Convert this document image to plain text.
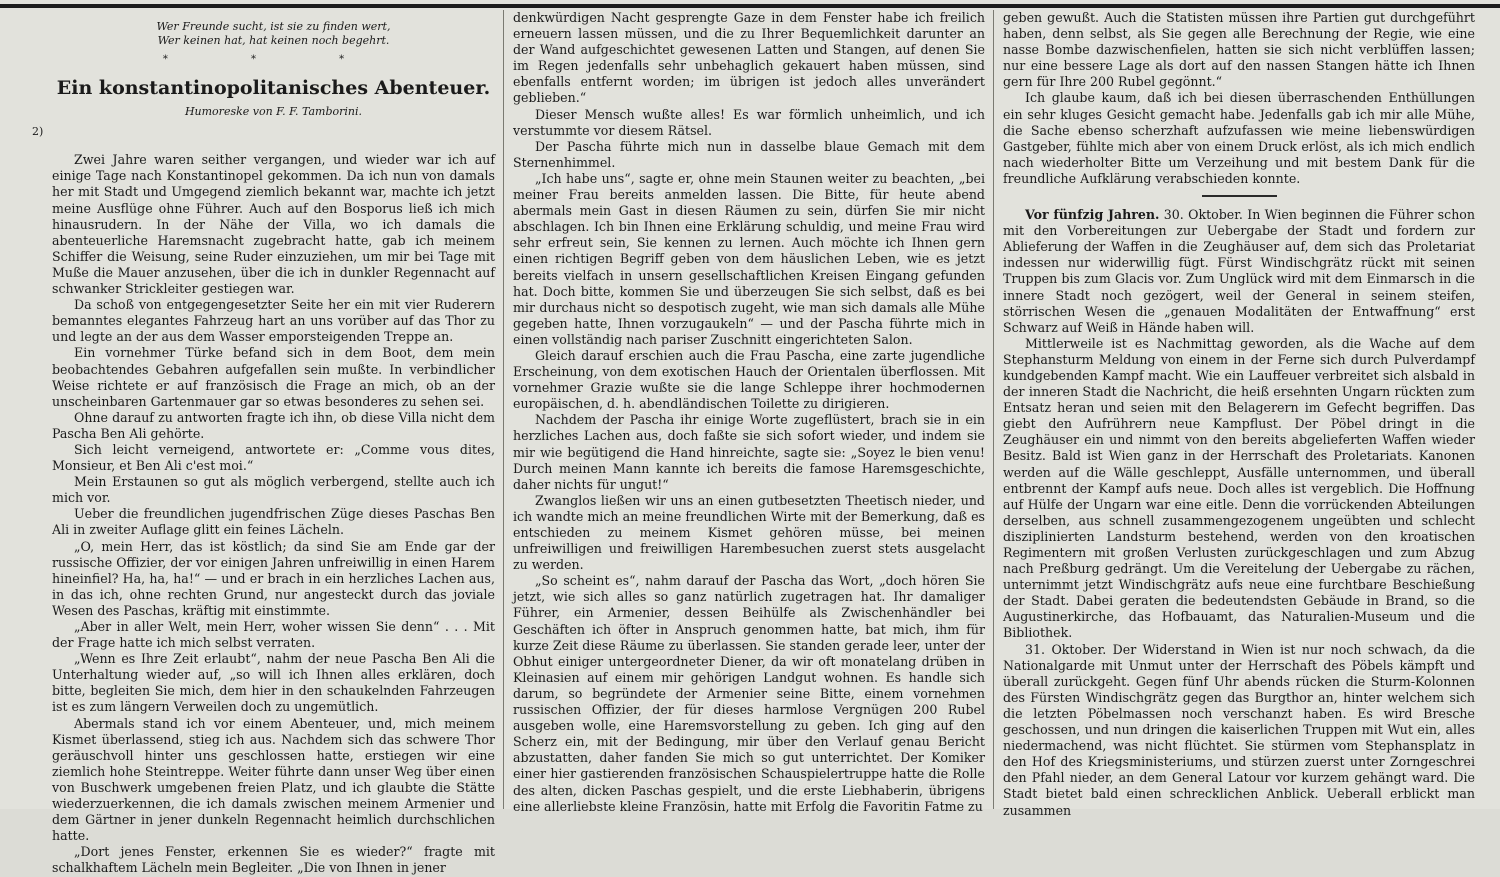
Wer Freunde sucht, ist sie zu finden wert,
Wer keinen hat, hat keinen noch begehrt.
* * *
Ein konstantinopolitanisches Abenteuer.
Humoreske von F. F. Tamborini.
2)

Zwei Jahre waren seither vergangen, und wieder war ich auf einige Tage nach Konstantinopel gekommen. Da ich nun von damals her mit Stadt und Umgegend ziemlich bekannt war, machte ich jetzt meine Ausflüge ohne Führer. Auch auf den Bosporus ließ ich mich hinausrudern. In der Nähe der Villa, wo ich damals die abenteuerliche Haremsnacht zugebracht hatte, gab ich meinem Schiffer die Weisung, seine Ruder einzuziehen, um mir bei Tage mit Muße die Mauer anzusehen, über die ich in dunkler Regennacht auf schwanker Strickleiter gestiegen war.

Da schoß von entgegengesetzter Seite her ein mit vier Ruderern bemanntes elegantes Fahrzeug hart an uns vorüber auf das Thor zu und legte an der aus dem Wasser emporsteigenden Treppe an.

Ein vornehmer Türke befand sich in dem Boot, dem mein beobachtendes Gebahren aufgefallen sein mußte. In verbindlicher Weise richtete er auf französisch die Frage an mich, ob an der unscheinbaren Gartenmauer gar so etwas besonderes zu sehen sei.

Ohne darauf zu antworten fragte ich ihn, ob diese Villa nicht dem Pascha Ben Ali gehörte.

Sich leicht verneigend, antwortete er: „Comme vous dites, Monsieur, et Ben Ali c'est moi.“

Mein Erstaunen so gut als möglich verbergend, stellte auch ich mich vor.

Ueber die freundlichen jugendfrischen Züge dieses Paschas Ben Ali in zweiter Auflage glitt ein feines Lächeln.

„O, mein Herr, das ist köstlich; da sind Sie am Ende gar der russische Offizier, der vor einigen Jahren unfreiwillig in einen Harem hineinfiel? Ha, ha, ha!“ — und er brach in ein herzliches Lachen aus, in das ich, ohne rechten Grund, nur angesteckt durch das joviale Wesen des Paschas, kräftig mit einstimmte.

„Aber in aller Welt, mein Herr, woher wissen Sie denn“ . . . Mit der Frage hatte ich mich selbst verraten.

„Wenn es Ihre Zeit erlaubt“, nahm der neue Pascha Ben Ali die Unterhaltung wieder auf, „so will ich Ihnen alles erklären, doch bitte, begleiten Sie mich, dem hier in den schaukelnden Fahrzeugen ist es zum längern Verweilen doch zu ungemütlich.

Abermals stand ich vor einem Abenteuer, und, mich meinem Kismet überlassend, stieg ich aus. Nachdem sich das schwere Thor geräuschvoll hinter uns geschlossen hatte, erstiegen wir eine ziemlich hohe Steintreppe. Weiter führte dann unser Weg über einen von Buschwerk umgebenen freien Platz, und ich glaubte die Stätte wiederzuerkennen, die ich damals zwischen meinem Armenier und dem Gärtner in jener dunkeln Regennacht heimlich durchschlichen hatte.

„Dort jenes Fenster, erkennen Sie es wieder?“ fragte mit schalkhaftem Lächeln mein Begleiter. „Die von Ihnen in jener

denkwürdigen Nacht gesprengte Gaze in dem Fenster habe ich freilich erneuern lassen müssen, und die zu Ihrer Bequemlichkeit darunter an der Wand aufgeschichtet gewesenen Latten und Stangen, auf denen Sie im Regen jedenfalls sehr unbehaglich gekauert haben müssen, sind ebenfalls entfernt worden; im übrigen ist jedoch alles unverändert geblieben.“

Dieser Mensch wußte alles! Es war förmlich unheimlich, und ich verstummte vor diesem Rätsel.

Der Pascha führte mich nun in dasselbe blaue Gemach mit dem Sternenhimmel.

„Ich habe uns“, sagte er, ohne mein Staunen weiter zu beachten, „bei meiner Frau bereits anmelden lassen. Die Bitte, für heute abend abermals mein Gast in diesen Räumen zu sein, dürfen Sie mir nicht abschlagen. Ich bin Ihnen eine Erklärung schuldig, und meine Frau wird sehr erfreut sein, Sie kennen zu lernen. Auch möchte ich Ihnen gern einen richtigen Begriff geben von dem häuslichen Leben, wie es jetzt bereits vielfach in unsern gesellschaftlichen Kreisen Eingang gefunden hat. Doch bitte, kommen Sie und überzeugen Sie sich selbst, daß es bei mir durchaus nicht so despotisch zugeht, wie man sich damals alle Mühe gegeben hatte, Ihnen vorzugaukeln“ — und der Pascha führte mich in einen vollständig nach pariser Zuschnitt eingerichteten Salon.

Gleich darauf erschien auch die Frau Pascha, eine zarte jugendliche Erscheinung, von dem exotischen Hauch der Orientalen überflossen. Mit vornehmer Grazie wußte sie die lange Schleppe ihrer hochmodernen europäischen, d. h. abendländischen Toilette zu dirigieren.

Nachdem der Pascha ihr einige Worte zugeflüstert, brach sie in ein herzliches Lachen aus, doch faßte sie sich sofort wieder, und indem sie mir wie begütigend die Hand hinreichte, sagte sie: „Soyez le bien venu! Durch meinen Mann kannte ich bereits die famose Haremsgeschichte, daher nichts für ungut!“

Zwanglos ließen wir uns an einen gutbesetzten Theetisch nieder, und ich wandte mich an meine freundlichen Wirte mit der Bemerkung, daß es entschieden zu meinem Kismet gehören müsse, bei meinen unfreiwilligen und freiwilligen Harembesuchen zuerst stets ausgelacht zu werden.

„So scheint es“, nahm darauf der Pascha das Wort, „doch hören Sie jetzt, wie sich alles so ganz natürlich zugetragen hat. Ihr damaliger Führer, ein Armenier, dessen Beihülfe als Zwischenhändler bei Geschäften ich öfter in Anspruch genommen hatte, bat mich, ihm für kurze Zeit diese Räume zu überlassen. Sie standen gerade leer, unter der Obhut einiger untergeordneter Diener, da wir oft monatelang drüben in Kleinasien auf einem mir gehörigen Landgut wohnen. Es handle sich darum, so begründete der Armenier seine Bitte, einem vornehmen russischen Offizier, der für dieses harmlose Vergnügen 200 Rubel ausgeben wolle, eine Haremsvorstellung zu geben. Ich ging auf den Scherz ein, mit der Bedingung, mir über den Verlauf genau Bericht abzustatten, daher fanden Sie mich so gut unterrichtet. Der Komiker einer hier gastierenden französischen Schauspielertruppe hatte die Rolle des alten, dicken Paschas gespielt, und die erste Liebhaberin, übrigens eine allerliebste kleine Französin, hatte mit Erfolg die Favoritin Fatme zu

geben gewußt. Auch die Statisten müssen ihre Partien gut durchgeführt haben, denn selbst, als Sie gegen alle Berechnung der Regie, wie eine nasse Bombe dazwischenfielen, hatten sie sich nicht verblüffen lassen; nur eine bessere Lage als dort auf den nassen Stangen hätte ich Ihnen gern für Ihre 200 Rubel gegönnt.“

Ich glaube kaum, daß ich bei diesen überraschenden Enthüllungen ein sehr kluges Gesicht gemacht habe. Jedenfalls gab ich mir alle Mühe, die Sache ebenso scherzhaft aufzufassen wie meine liebenswürdigen Gastgeber, fühlte mich aber von einem Druck erlöst, als ich mich endlich nach wiederholter Bitte um Verzeihung und mit bestem Dank für die freundliche Aufklärung verabschieden konnte.

Vor fünfzig Jahren. 30. Oktober. In Wien beginnen die Führer schon mit den Vorbereitungen zur Uebergabe der Stadt und fordern zur Ablieferung der Waffen in die Zeughäuser auf, dem sich das Proletariat indessen nur widerwillig fügt. Fürst Windischgrätz rückt mit seinen Truppen bis zum Glacis vor. Zum Unglück wird mit dem Einmarsch in die innere Stadt noch gezögert, weil der General in seinem steifen, störrischen Wesen die „genauen Modalitäten der Entwaffnung“ erst Schwarz auf Weiß in Hände haben will.

Mittlerweile ist es Nachmittag geworden, als die Wache auf dem Stephansturm Meldung von einem in der Ferne sich durch Pulverdampf kundgebenden Kampf macht. Wie ein Lauffeuer verbreitet sich alsbald in der inneren Stadt die Nachricht, die heiß ersehnten Ungarn rückten zum Entsatz heran und seien mit den Belagerern im Gefecht begriffen. Das giebt den Aufrührern neue Kampflust. Der Pöbel dringt in die Zeughäuser ein und nimmt von den bereits abgelieferten Waffen wieder Besitz. Bald ist Wien ganz in der Herrschaft des Proletariats. Kanonen werden auf die Wälle geschleppt, Ausfälle unternommen, und überall entbrennt der Kampf aufs neue. Doch alles ist vergeblich. Die Hoffnung auf Hülfe der Ungarn war eine eitle. Denn die vorrückenden Abteilungen derselben, aus schnell zusammengezogenem ungeübten und schlecht disziplinierten Landsturm bestehend, werden von den kroatischen Regimentern mit großen Verlusten zurückgeschlagen und zum Abzug nach Preßburg gedrängt. Um die Vereitelung der Uebergabe zu rächen, unternimmt jetzt Windischgrätz aufs neue eine furchtbare Beschießung der Stadt. Dabei geraten die bedeutendsten Gebäude in Brand, so die Augustinerkirche, das Hofbauamt, das Naturalien-Museum und die Bibliothek.

31. Oktober. Der Widerstand in Wien ist nur noch schwach, da die Nationalgarde mit Unmut unter der Herrschaft des Pöbels kämpft und überall zurückgeht. Gegen fünf Uhr abends rücken die Sturm-Kolonnen des Fürsten Windischgrätz gegen das Burgthor an, hinter welchem sich die letzten Pöbelmassen noch verschanzt haben. Es wird Bresche geschossen, und nun dringen die kaiserlichen Truppen mit Wut ein, alles niedermachend, was nicht flüchtet. Sie stürmen vom Stephansplatz in den Hof des Kriegsministeriums, und stürzen zuerst unter Zorngeschrei den Pfahl nieder, an dem General Latour vor kurzem gehängt ward. Die Stadt bietet bald einen schrecklichen Anblick. Ueberall erblickt man zusammen
